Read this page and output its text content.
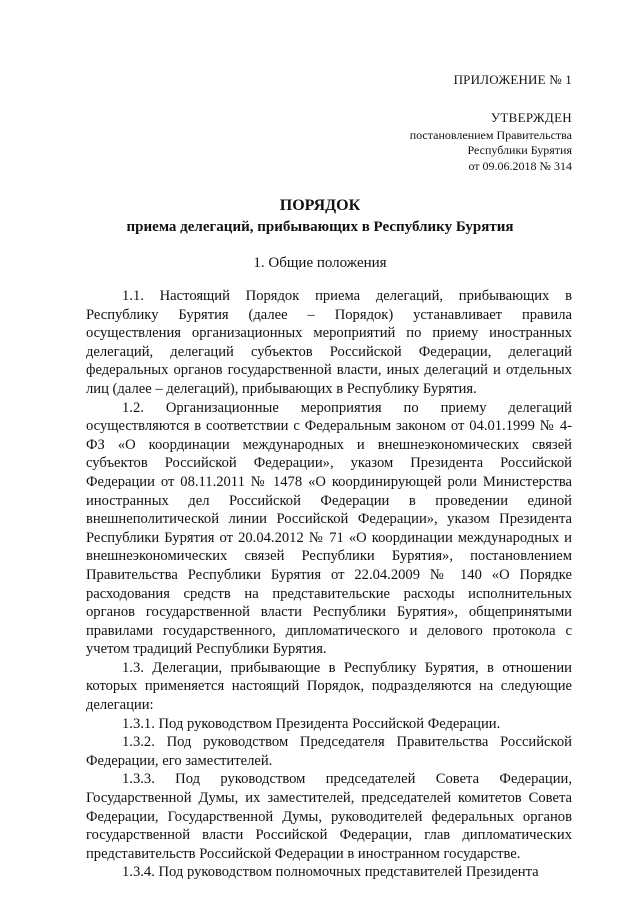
ПРИЛОЖЕНИЕ № 1
УТВЕРЖДЕН
постановлением Правительства
Республики Бурятия
от 09.06.2018 № 314
ПОРЯДОК
приема делегаций, прибывающих в Республику Бурятия
1. Общие положения

1.1. Настоящий Порядок приема делегаций, прибывающих в Республику Бурятия (далее – Порядок) устанавливает правила осуществления организационных мероприятий по приему иностранных делегаций, делегаций субъектов Российской Федерации, делегаций федеральных органов государственной власти, иных делегаций и отдельных лиц (далее – делегаций), прибывающих в Республику Бурятия.

1.2. Организационные мероприятия по приему делегаций осуществляются в соответствии с Федеральным законом от 04.01.1999 № 4-ФЗ «О координации международных и внешнеэкономических связей субъектов Российской Федерации», указом Президента Российской Федерации от 08.11.2011 № 1478 «О координирующей роли Министерства иностранных дел Российской Федерации в проведении единой внешнеполитической линии Российской Федерации», указом Президента Республики Бурятия от 20.04.2012 № 71 «О координации международных и внешнеэкономических связей Республики Бурятия», постановлением Правительства Республики Бурятия от 22.04.2009 № 140 «О Порядке расходования средств на представительские расходы исполнительных органов государственной власти Республики Бурятия», общепринятыми правилами государственного, дипломатического и делового протокола с учетом традиций Республики Бурятия.

1.3. Делегации, прибывающие в Республику Бурятия, в отношении которых применяется настоящий Порядок, подразделяются на следующие делегации:

1.3.1. Под руководством Президента Российской Федерации.

1.3.2. Под руководством Председателя Правительства Российской Федерации, его заместителей.

1.3.3. Под руководством председателей Совета Федерации, Государственной Думы, их заместителей, председателей комитетов Совета Федерации, Государственной Думы, руководителей федеральных органов государственной власти Российской Федерации, глав дипломатических представительств Российской Федерации в иностранном государстве.

1.3.4. Под руководством полномочных представителей Президента
